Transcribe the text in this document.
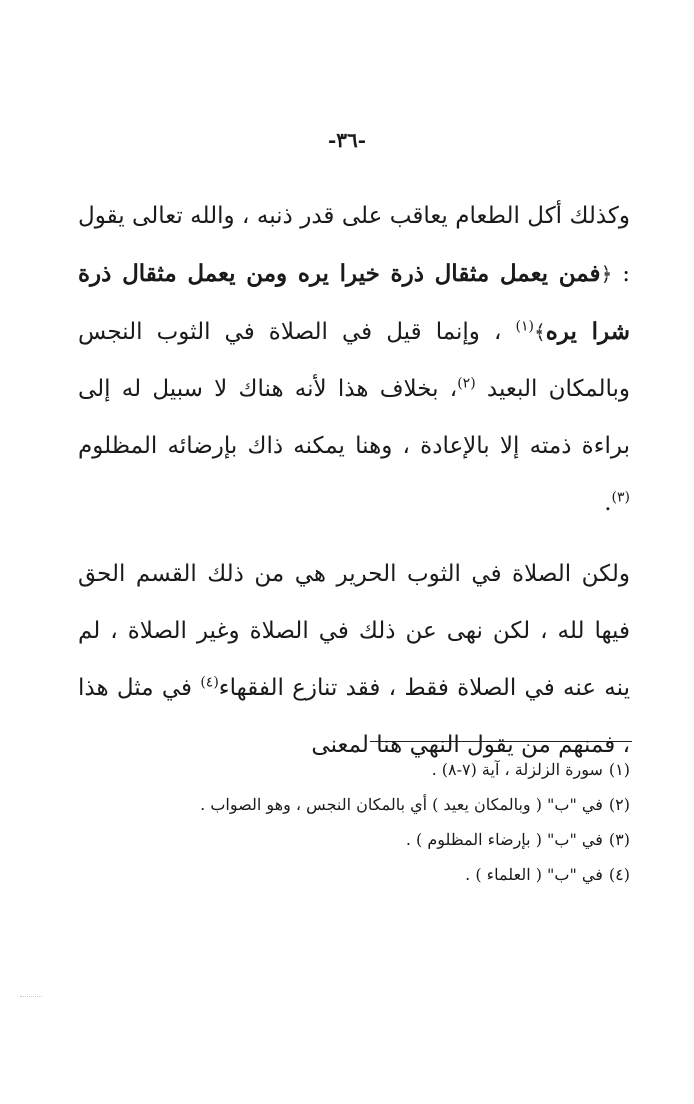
-٣٦-

وكذلك أكل الطعام يعاقب على قدر ذنبه ، والله تعالى يقول : ﴿فمن يعمل مثقال ذرة خيرا يره ومن يعمل مثقال ذرة شرا يره﴾$^{(١)}$ ، وإنما قيل في الصلاة في الثوب النجس وبالمكان البعيد $^{(٢)}$، بخلاف هذا لأنه هناك لا سبيل له إلى براءة ذمته إلا بالإعادة ، وهنا يمكنه ذاك بإرضائه المظلوم $^{(٣)}$.

ولكن الصلاة في الثوب الحرير هي من ذلك القسم الحق فيها لله ، لكن نهى عن ذلك في الصلاة وغير الصلاة ، لم ينه عنه في الصلاة فقط ، فقد تنازع الفقهاء$^{(٤)}$ في مثل هذا ، فمنهم من يقول النهي هنا لمعنى

(١)سورة الزلزلة ، آية (٧-٨) .
(٢)في "ب" ( وبالمكان يعيد ) أي بالمكان النجس ، وهو الصواب .
(٣)في "ب" ( بإرضاء المظلوم ) .
(٤)في "ب" ( العلماء ) .
